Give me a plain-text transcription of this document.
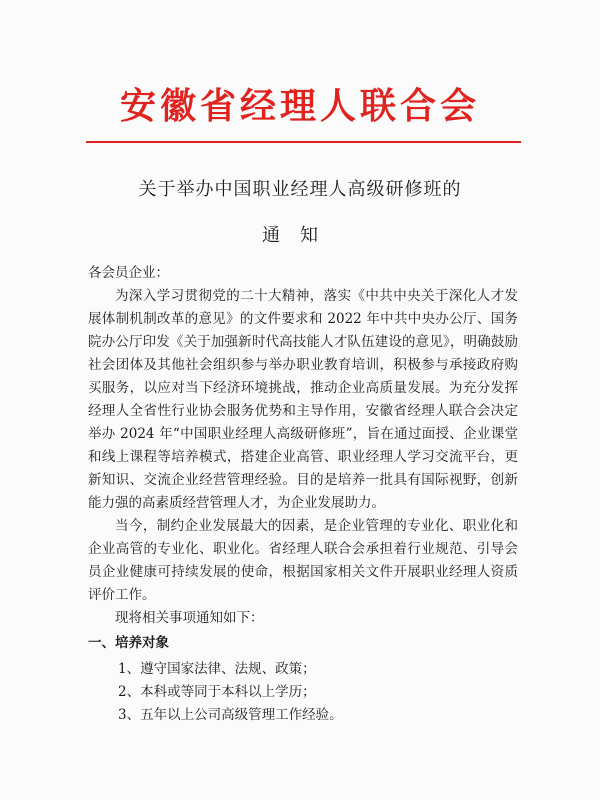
安徽省经理人联合会
关于举办中国职业经理人高级研修班的
通知

各会员企业：

为深入学习贯彻党的二十大精神，落实《中共中央关于深化人才发展体制机制改革的意见》的文件要求和 2022 年中共中央办公厅、国务院办公厅印发《关于加强新时代高技能人才队伍建设的意见》，明确鼓励社会团体及其他社会组织参与举办职业教育培训，积极参与承接政府购买服务，以应对当下经济环境挑战，推动企业高质量发展。为充分发挥经理人全省性行业协会服务优势和主导作用，安徽省经理人联合会决定举办 2024 年“中国职业经理人高级研修班”，旨在通过面授、企业课堂和线上课程等培养模式，搭建企业高管、职业经理人学习交流平台，更新知识、交流企业经营管理经验。目的是培养一批具有国际视野，创新能力强的高素质经营管理人才，为企业发展助力。

当今，制约企业发展最大的因素，是企业管理的专业化、职业化和企业高管的专业化、职业化。省经理人联合会承担着行业规范、引导会员企业健康可持续发展的使命，根据国家相关文件开展职业经理人资质评价工作。

现将相关事项通知如下：

一、培养对象

1、遵守国家法律、法规、政策；
2、本科或等同于本科以上学历；
3、五年以上公司高级管理工作经验。
